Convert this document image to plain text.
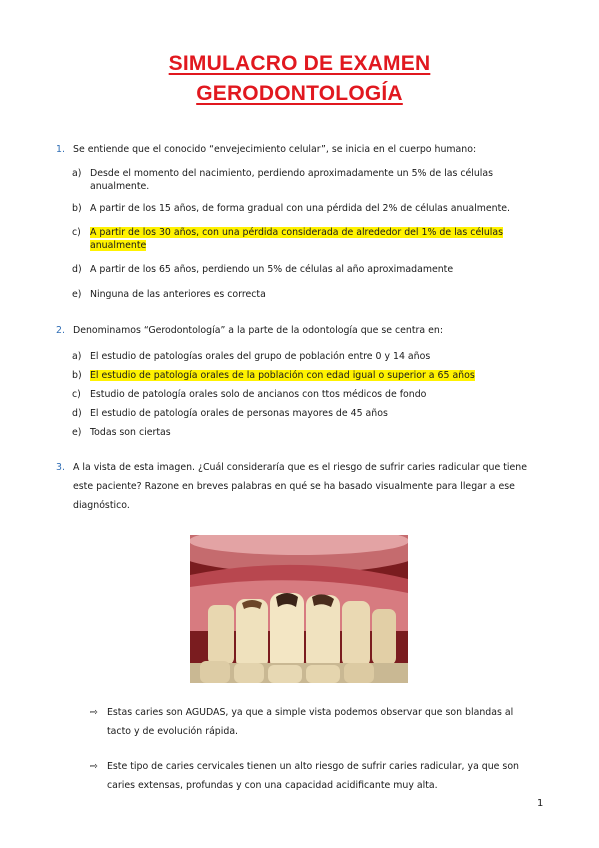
SIMULACRO DE EXAMEN
GERODONTOLOGÍA
1. Se entiende que el conocido “envejecimiento celular”, se inicia en el cuerpo humano:
a) Desde el momento del nacimiento, perdiendo aproximadamente un 5% de las células anualmente.
b) A partir de los 15 años, de forma gradual con una pérdida del 2% de células anualmente.
c) A partir de los 30 años, con una pérdida considerada de alrededor del 1% de las células anualmente
d) A partir de los 65 años, perdiendo un 5% de células al año aproximadamente
e) Ninguna de las anteriores es correcta
2. Denominamos “Gerodontología” a la parte de la odontología que se centra en:
a) El estudio de patologías orales del grupo de población entre 0 y 14 años
b) El estudio de patología orales de la población con edad igual o superior a 65 años
c) Estudio de patología orales solo de ancianos con ttos médicos de fondo
d) El estudio de patología orales de personas mayores de 45 años
e) Todas son ciertas
3. A la vista de esta imagen. ¿Cuál consideraría que es el riesgo de sufrir caries radicular que tiene este paciente? Razone en breves palabras en qué se ha basado visualmente para llegar a ese diagnóstico.
⇨ Estas caries son AGUDAS, ya que a simple vista podemos observar que son blandas al tacto y de evolución rápida.
⇨ Este tipo de caries cervicales tienen un alto riesgo de sufrir caries radicular, ya que son caries extensas, profundas y con una capacidad acidificante muy alta.
1
